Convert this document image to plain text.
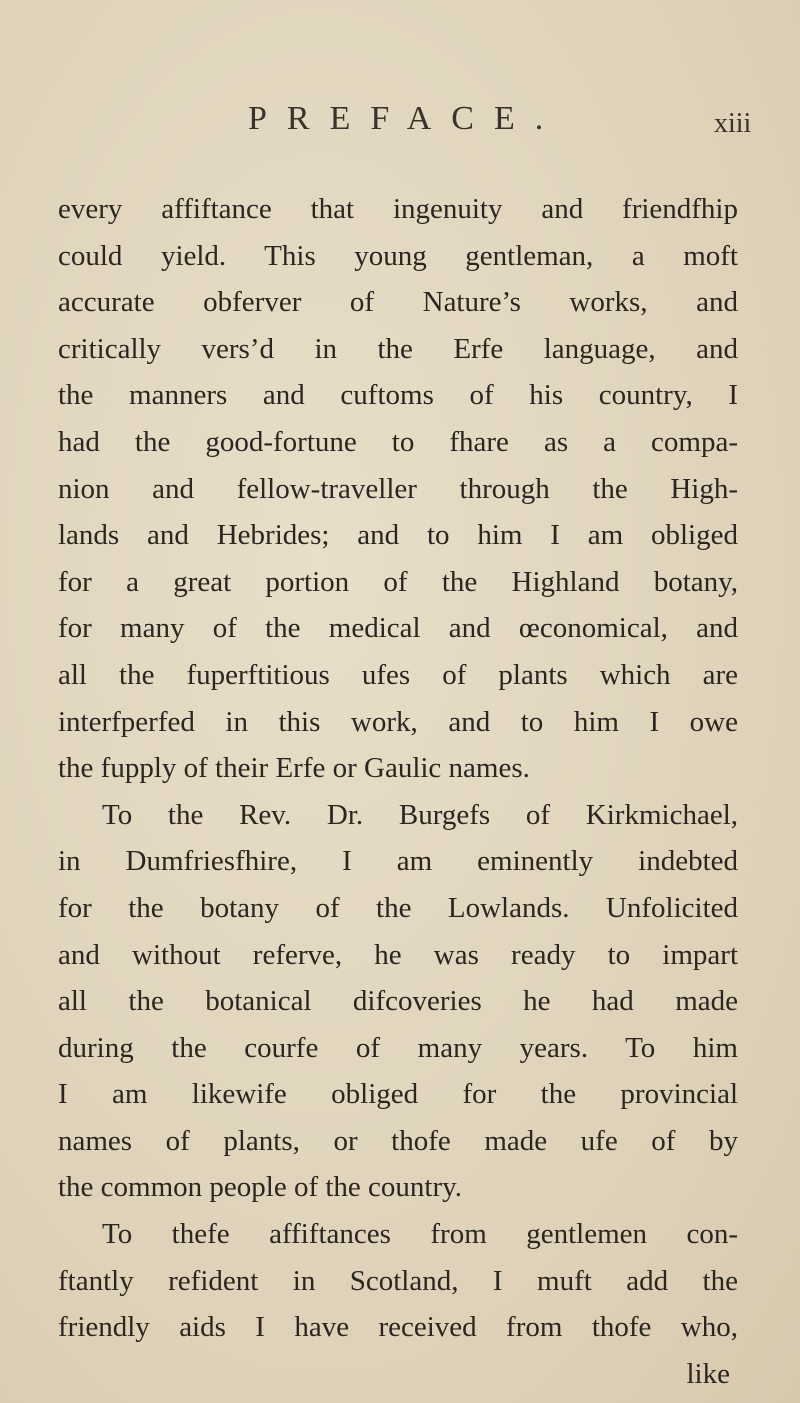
PREFACE.	xiii
every affiftance that ingenuity and friendfhip
could yield. This young gentleman, a moft
accurate obferver of Nature’s works, and
critically vers’d in the Erfe language, and
the manners and cuftoms of his country, I
had the good-fortune to fhare as a compa-
nion and fellow-traveller through the High-
lands and Hebrides; and to him I am obliged
for a great portion of the Highland botany,
for many of the medical and œconomical, and
all the fuperftitious ufes of plants which are
interfperfed in this work, and to him I owe
the fupply of their Erfe or Gaulic names.
To the Rev. Dr. Burgefs of Kirkmichael,
in Dumfriesfhire, I am eminently indebted
for the botany of the Lowlands. Unfolicited
and without referve, he was ready to impart
all the botanical difcoveries he had made
during the courfe of many years. To him
I am likewife obliged for the provincial
names of plants, or thofe made ufe of by
the common people of the country.
To thefe affiftances from gentlemen con-
ftantly refident in Scotland, I muft add the
friendly aids I have received from thofe who,
like
